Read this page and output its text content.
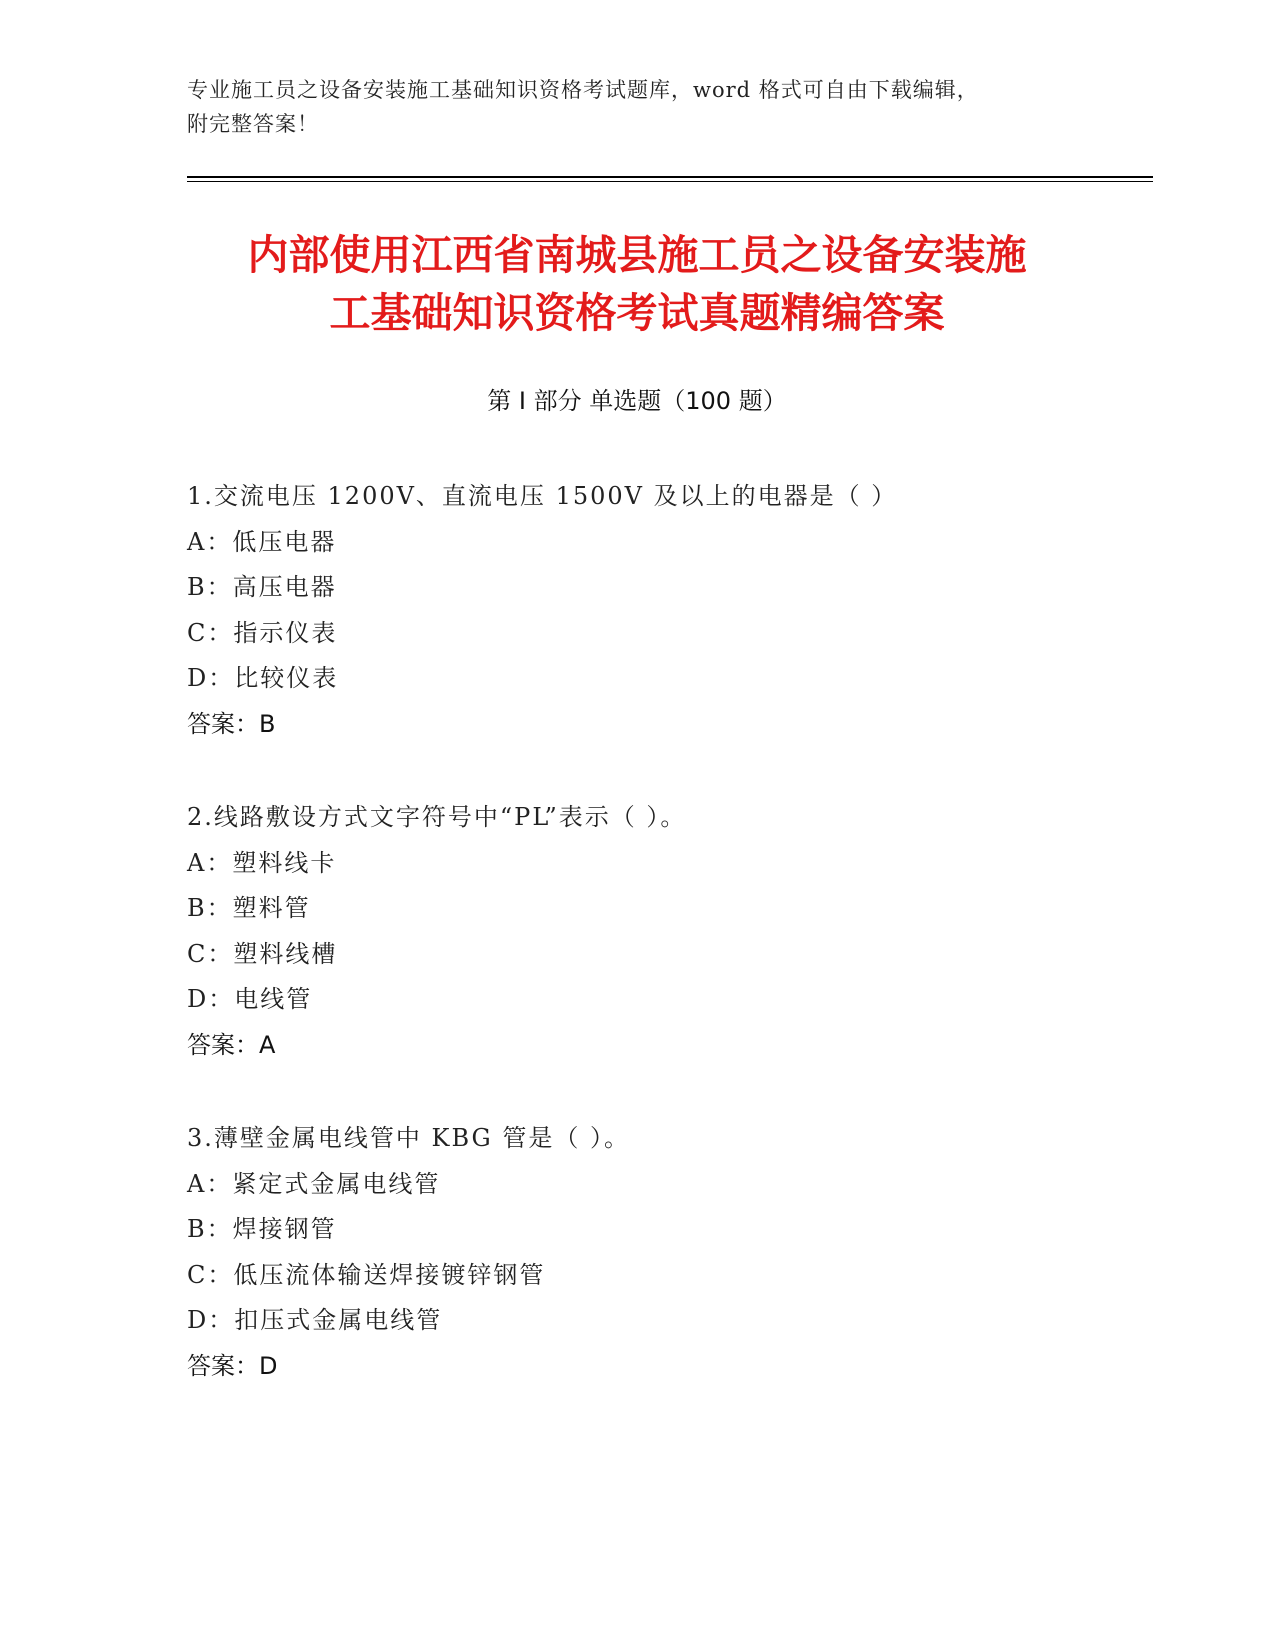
专业施工员之设备安装施工基础知识资格考试题库，word 格式可自由下载编辑，
附完整答案！
内部使用江西省南城县施工员之设备安装施
工基础知识资格考试真题精编答案
第 I 部分 单选题（100 题）
1.交流电压 1200V、直流电压 1500V 及以上的电器是（ ）
A：低压电器
B：高压电器
C：指示仪表
D：比较仪表
答案：B
2.线路敷设方式文字符号中“PL”表示（ ）。
A：塑料线卡
B：塑料管
C：塑料线槽
D：电线管
答案：A
3.薄壁金属电线管中 KBG 管是（ ）。
A：紧定式金属电线管
B：焊接钢管
C：低压流体输送焊接镀锌钢管
D：扣压式金属电线管
答案：D
